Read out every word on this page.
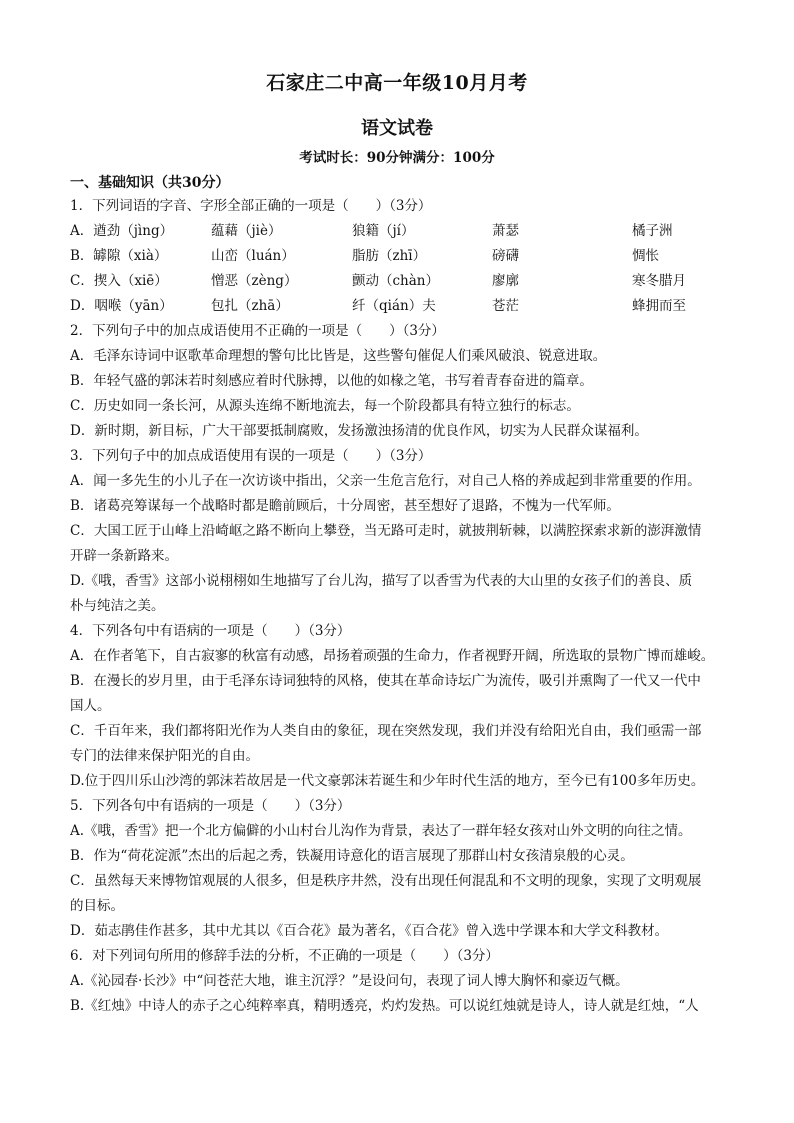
石家庄二中高一年级10月月考
语文试卷
考试时长：90分钟满分：100分
一、基础知识（共30分）
1．下列词语的字音、字形全部正确的一项是（　　）（3分）
A．遒劲（jìng）	蕴藉（jiè）	狼籍（jí）	萧瑟	橘子洲
B．罅隙（xià）	山峦（luán）	脂肪（zhī）	磅礴	惆怅
C．揳入（xiē）	憎恶（zèng）	颤动（chàn）	廖廓	寒冬腊月
D．咽喉（yān）	包扎（zhā）	纤（qián）夫	苍茫	蜂拥而至
2．下列句子中的加点成语使用不正确的一项是（　　）（3分）
A．毛泽东诗词中讴歌革命理想的警句比比皆是，这些警句催促人们乘风破浪、锐意进取。
B．年轻气盛的郭沫若时刻感应着时代脉搏，以他的如椽之笔，书写着青春奋进的篇章。
C．历史如同一条长河，从源头连绵不断地流去，每一个阶段都具有特立独行的标志。
D．新时期，新目标，广大干部要抵制腐败，发扬激浊扬清的优良作风，切实为人民群众谋福利。
3．下列句子中的加点成语使用有误的一项是（　　）（3分）
A．闻一多先生的小儿子在一次访谈中指出，父亲一生危言危行，对自己人格的养成起到非常重要的作用。
B．诸葛亮筹谋每一个战略时都是瞻前顾后，十分周密，甚至想好了退路，不愧为一代军师。
C．大国工匠于山峰上沿崎岖之路不断向上攀登，当无路可走时，就披荆斩棘，以满腔探索求新的澎湃激情
开辟一条新路来。
D.《哦，香雪》这部小说栩栩如生地描写了台儿沟，描写了以香雪为代表的大山里的女孩子们的善良、质
朴与纯洁之美。
4．下列各句中有语病的一项是（　　）（3分）
A．在作者笔下，自古寂寥的秋富有动感，昂扬着顽强的生命力，作者视野开阔，所选取的景物广博而雄峻。
B．在漫长的岁月里，由于毛泽东诗词独特的风格，使其在革命诗坛广为流传，吸引并熏陶了一代又一代中
国人。
C．千百年来，我们都将阳光作为人类自由的象征，现在突然发现，我们并没有给阳光自由，我们亟需一部
专门的法律来保护阳光的自由。
D.位于四川乐山沙湾的郭沫若故居是一代文豪郭沫若诞生和少年时代生活的地方，至今已有100多年历史。
5．下列各句中有语病的一项是（　　）（3分）
A.《哦，香雪》把一个北方偏僻的小山村台儿沟作为背景，表达了一群年轻女孩对山外文明的向往之情。
B．作为“荷花淀派”杰出的后起之秀，铁凝用诗意化的语言展现了那群山村女孩清泉般的心灵。
C．虽然每天来博物馆观展的人很多，但是秩序井然，没有出现任何混乱和不文明的现象，实现了文明观展
的目标。
D．茹志鹃佳作甚多，其中尤其以《百合花》最为著名，《百合花》曾入选中学课本和大学文科教材。
6．对下列词句所用的修辞手法的分析，不正确的一项是（　　）（3分）
A.《沁园春·长沙》中“问苍茫大地，谁主沉浮？”是设问句，表现了词人博大胸怀和豪迈气概。
B.《红烛》中诗人的赤子之心纯粹率真，精明透亮，灼灼发热。可以说红烛就是诗人，诗人就是红烛，“人
